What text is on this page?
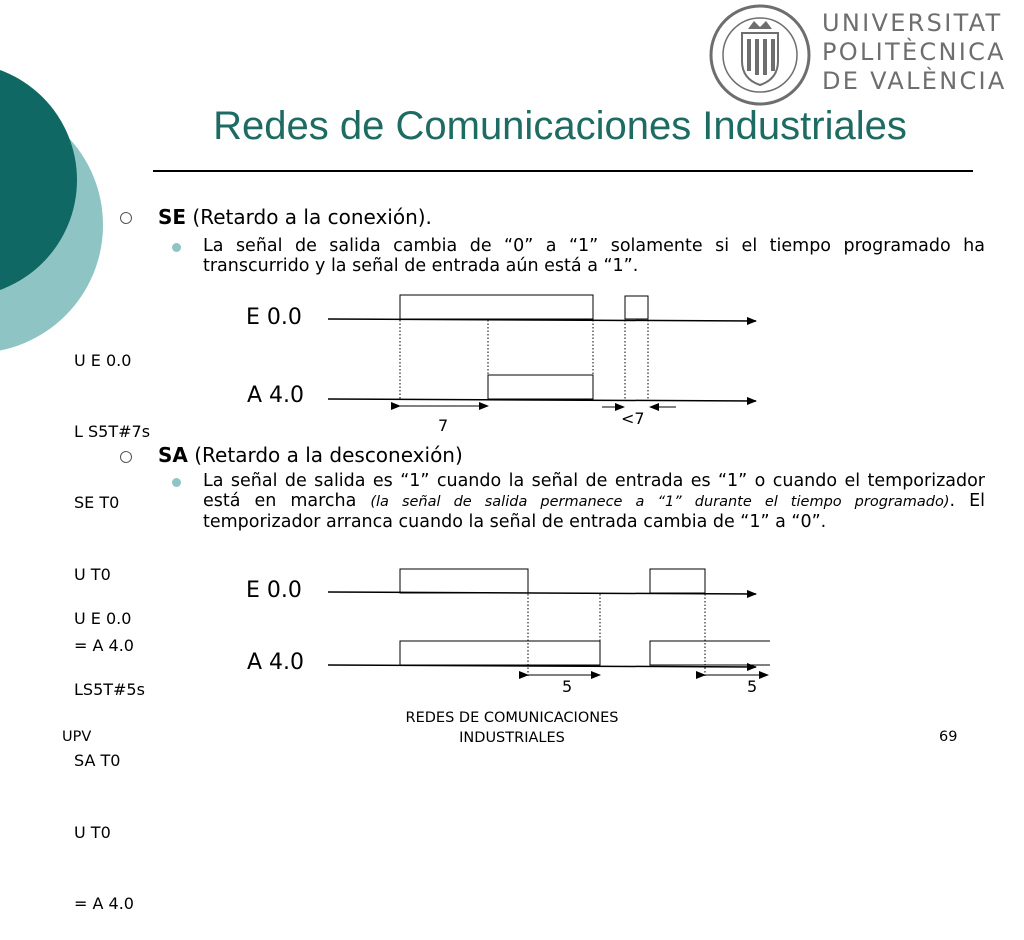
UNIVERSITAT
POLITÈCNICA
DE VALÈNCIA
Redes de Comunicaciones Industriales
SE (Retardo a la conexión).
La señal de salida cambia de “0” a “1” solamente si el tiempo programado ha transcurrido y la señal de entrada aún está a “1”.

U E 0.0

L S5T#7s

SE T0

U T0

= A 4.0

E 0.0
A 4.0
7	<7
SA (Retardo a la desconexión)
La señal de salida es “1” cuando la señal de entrada es “1” o cuando el temporizador está en marcha (la señal de salida permanece a “1” durante el tiempo programado). El temporizador arranca cuando la señal de entrada cambia de “1” a “0”.

U E 0.0

LS5T#5s

SA T0

U T0

= A 4.0

E 0.0
A 4.0
5	5
UPV
REDES DE COMUNICACIONES INDUSTRIALES	69
